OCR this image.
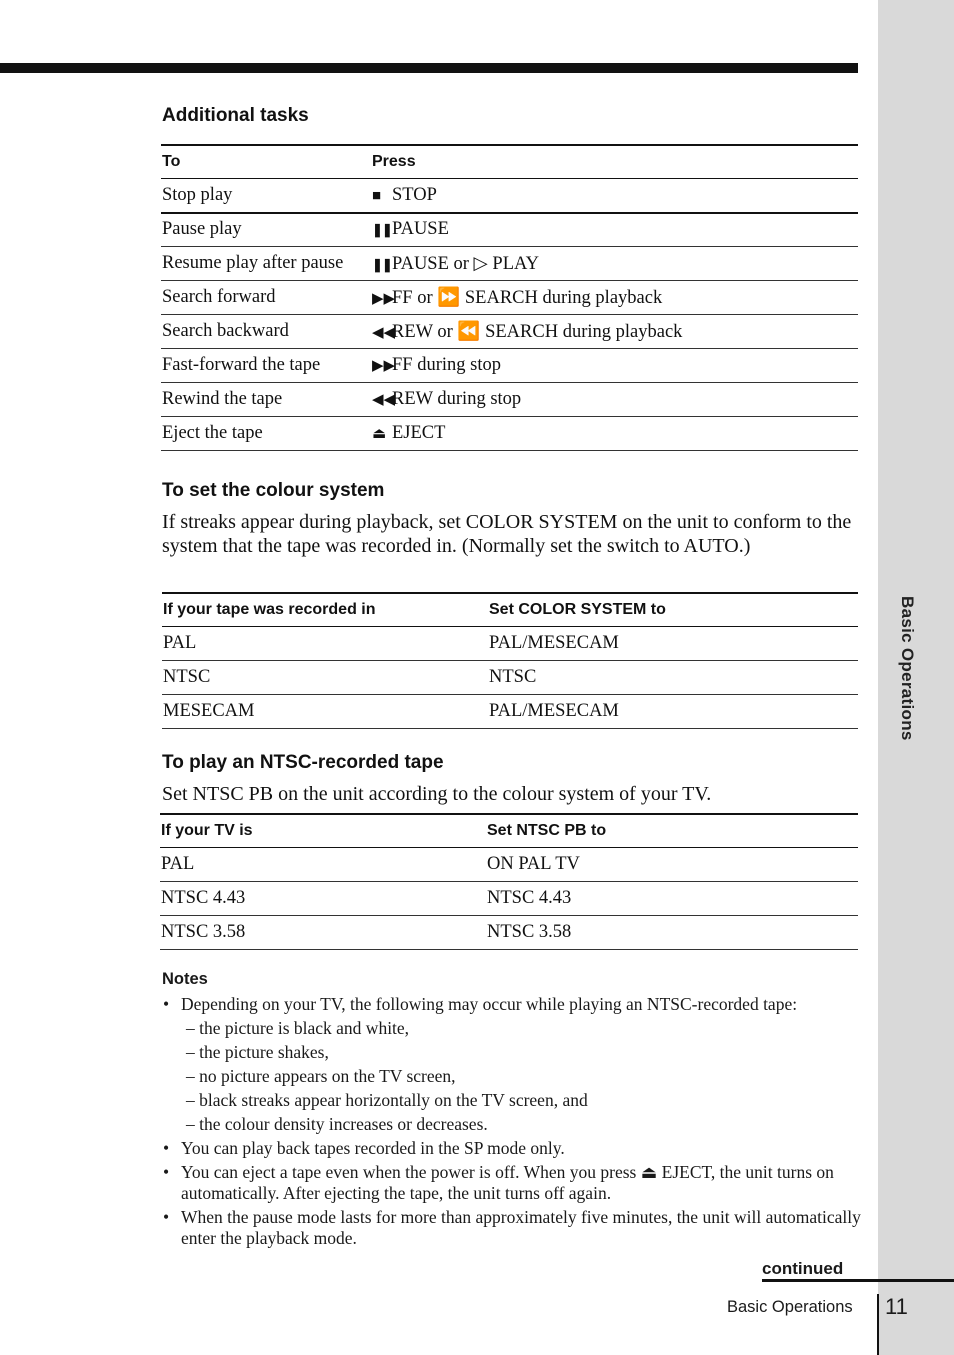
Basic Operations
Additional tasks
To	Press
Stop play	■ STOP
Pause play	❚❚PAUSE
Resume play after pause	❚❚PAUSE or ▷ PLAY
Search forward	▶▶FF or ⏩ SEARCH during playback
Search backward	◀◀REW or ⏪ SEARCH during playback
Fast-forward the tape	▶▶FF during stop
Rewind the tape	◀◀REW during stop
Eject the tape	⏏ EJECT
To set the colour system
If streaks appear during playback, set COLOR SYSTEM on the unit to conform to the system that the tape was recorded in. (Normally set the switch to AUTO.)
If your tape was recorded in	Set COLOR SYSTEM to
PAL	PAL/MESECAM
NTSC	NTSC
MESECAM	PAL/MESECAM
To play an NTSC-recorded tape
Set NTSC PB on the unit according to the colour system of your TV.
If your TV is	Set NTSC PB to
PAL	ON PAL TV
NTSC 4.43	NTSC 4.43
NTSC 3.58	NTSC 3.58
Notes
• Depending on your TV, the following may occur while playing an NTSC-recorded tape:
– the picture is black and white,
– the picture shakes,
– no picture appears on the TV screen,
– black streaks appear horizontally on the TV screen, and
– the colour density increases or decreases.
• You can play back tapes recorded in the SP mode only.
• You can eject a tape even when the power is off. When you press ⏏ EJECT, the unit turns on automatically. After ejecting the tape, the unit turns off again.
• When the pause mode lasts for more than approximately five minutes, the unit will automatically enter the playback mode.
continued
Basic Operations 11
